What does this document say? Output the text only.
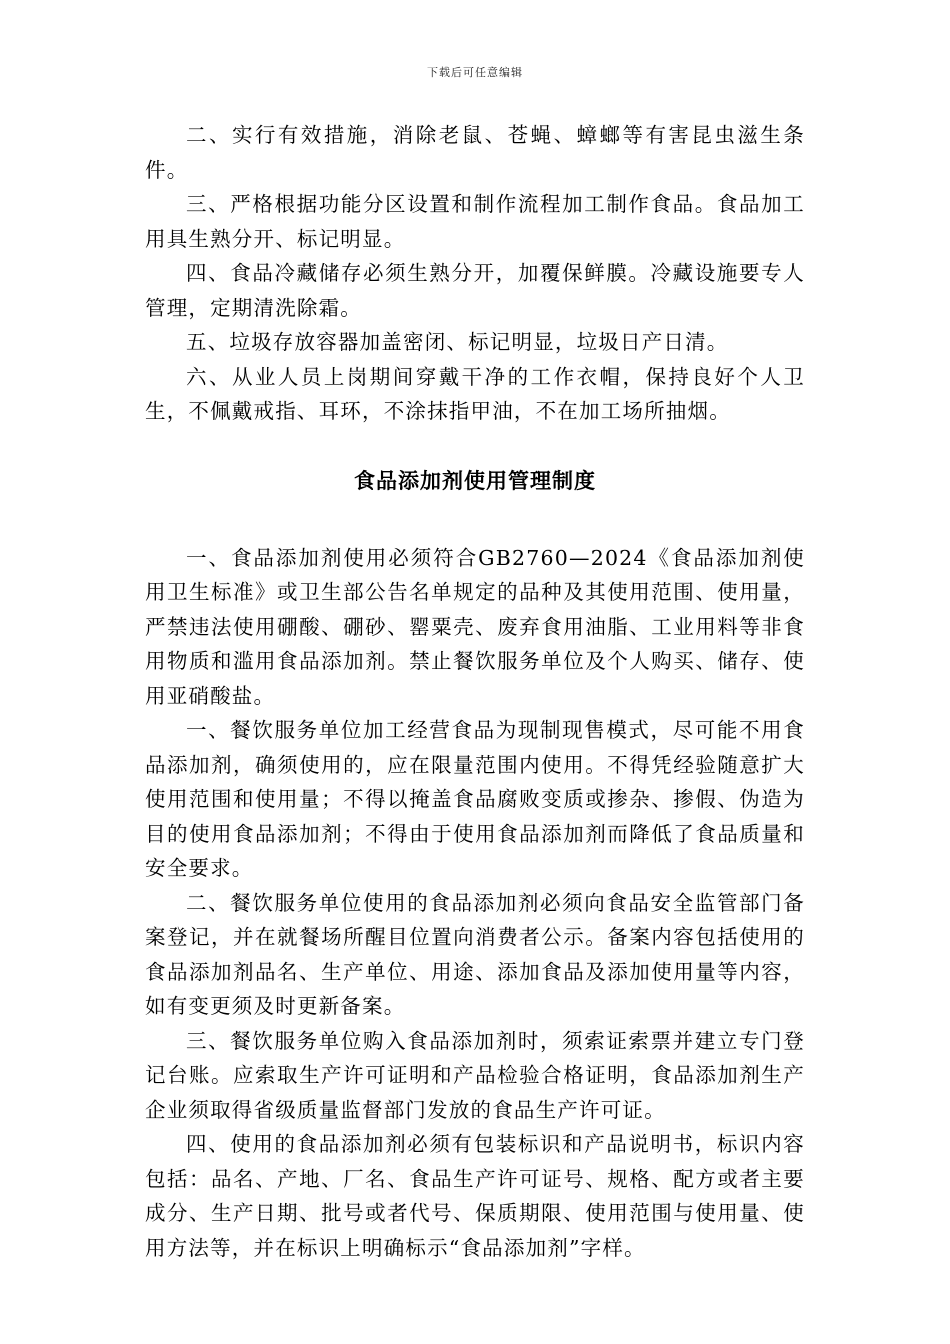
下载后可任意编辑

二、实行有效措施，消除老鼠、苍蝇、蟑螂等有害昆虫滋生条件。

三、严格根据功能分区设置和制作流程加工制作食品。食品加工用具生熟分开、标记明显。

四、食品冷藏储存必须生熟分开，加覆保鲜膜。冷藏设施要专人管理，定期清洗除霜。

五、垃圾存放容器加盖密闭、标记明显，垃圾日产日清。

六、从业人员上岗期间穿戴干净的工作衣帽，保持良好个人卫生，不佩戴戒指、耳环，不涂抹指甲油，不在加工场所抽烟。

食品添加剂使用管理制度

一、食品添加剂使用必须符合GB2760—2024《食品添加剂使用卫生标准》或卫生部公告名单规定的品种及其使用范围、使用量，严禁违法使用硼酸、硼砂、罂粟壳、废弃食用油脂、工业用料等非食用物质和滥用食品添加剂。禁止餐饮服务单位及个人购买、储存、使用亚硝酸盐。

一、餐饮服务单位加工经营食品为现制现售模式，尽可能不用食品添加剂，确须使用的，应在限量范围内使用。不得凭经验随意扩大使用范围和使用量；不得以掩盖食品腐败变质或掺杂、掺假、伪造为目的使用食品添加剂；不得由于使用食品添加剂而降低了食品质量和安全要求。

二、餐饮服务单位使用的食品添加剂必须向食品安全监管部门备案登记，并在就餐场所醒目位置向消费者公示。备案内容包括使用的食品添加剂品名、生产单位、用途、添加食品及添加使用量等内容，如有变更须及时更新备案。

三、餐饮服务单位购入食品添加剂时，须索证索票并建立专门登记台账。应索取生产许可证明和产品检验合格证明，食品添加剂生产企业须取得省级质量监督部门发放的食品生产许可证。

四、使用的食品添加剂必须有包装标识和产品说明书，标识内容包括：品名、产地、厂名、食品生产许可证号、规格、配方或者主要成分、生产日期、批号或者代号、保质期限、使用范围与使用量、使用方法等，并在标识上明确标示“食品添加剂”字样。
